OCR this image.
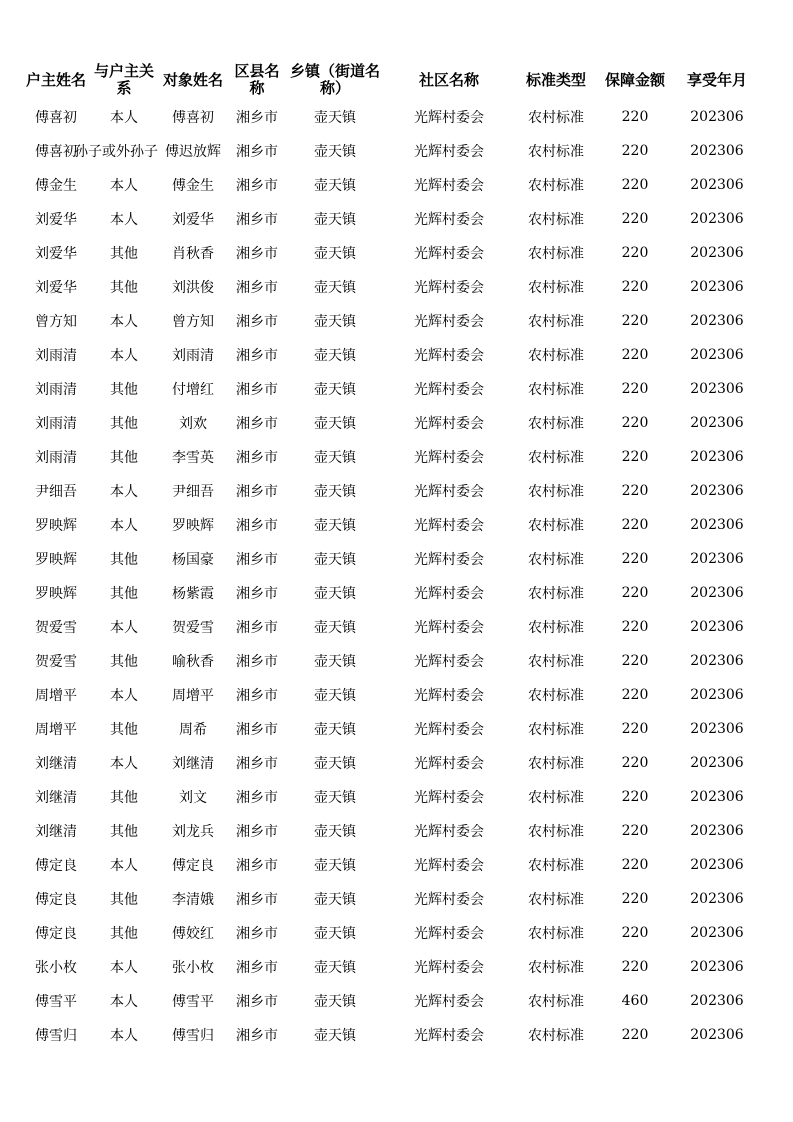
户主姓名	与户主关系	对象姓名	区县名称	乡镇（街道名称）	社区名称	标准类型	保障金额	享受年月
傅喜初	本人	傅喜初	湘乡市	壶天镇	光辉村委会	农村标准	220	202306
傅喜初	孙子或外孙子	傅迟放辉	湘乡市	壶天镇	光辉村委会	农村标准	220	202306
傅金生	本人	傅金生	湘乡市	壶天镇	光辉村委会	农村标准	220	202306
刘爱华	本人	刘爱华	湘乡市	壶天镇	光辉村委会	农村标准	220	202306
刘爱华	其他	肖秋香	湘乡市	壶天镇	光辉村委会	农村标准	220	202306
刘爱华	其他	刘洪俊	湘乡市	壶天镇	光辉村委会	农村标准	220	202306
曾方知	本人	曾方知	湘乡市	壶天镇	光辉村委会	农村标准	220	202306
刘雨清	本人	刘雨清	湘乡市	壶天镇	光辉村委会	农村标准	220	202306
刘雨清	其他	付增红	湘乡市	壶天镇	光辉村委会	农村标准	220	202306
刘雨清	其他	刘欢	湘乡市	壶天镇	光辉村委会	农村标准	220	202306
刘雨清	其他	李雪英	湘乡市	壶天镇	光辉村委会	农村标准	220	202306
尹细吾	本人	尹细吾	湘乡市	壶天镇	光辉村委会	农村标准	220	202306
罗映辉	本人	罗映辉	湘乡市	壶天镇	光辉村委会	农村标准	220	202306
罗映辉	其他	杨国豪	湘乡市	壶天镇	光辉村委会	农村标准	220	202306
罗映辉	其他	杨紫霞	湘乡市	壶天镇	光辉村委会	农村标准	220	202306
贺爱雪	本人	贺爱雪	湘乡市	壶天镇	光辉村委会	农村标准	220	202306
贺爱雪	其他	喻秋香	湘乡市	壶天镇	光辉村委会	农村标准	220	202306
周增平	本人	周增平	湘乡市	壶天镇	光辉村委会	农村标准	220	202306
周增平	其他	周希	湘乡市	壶天镇	光辉村委会	农村标准	220	202306
刘继清	本人	刘继清	湘乡市	壶天镇	光辉村委会	农村标准	220	202306
刘继清	其他	刘文	湘乡市	壶天镇	光辉村委会	农村标准	220	202306
刘继清	其他	刘龙兵	湘乡市	壶天镇	光辉村委会	农村标准	220	202306
傅定良	本人	傅定良	湘乡市	壶天镇	光辉村委会	农村标准	220	202306
傅定良	其他	李清娥	湘乡市	壶天镇	光辉村委会	农村标准	220	202306
傅定良	其他	傅姣红	湘乡市	壶天镇	光辉村委会	农村标准	220	202306
张小枚	本人	张小枚	湘乡市	壶天镇	光辉村委会	农村标准	220	202306
傅雪平	本人	傅雪平	湘乡市	壶天镇	光辉村委会	农村标准	460	202306
傅雪归	本人	傅雪归	湘乡市	壶天镇	光辉村委会	农村标准	220	202306
